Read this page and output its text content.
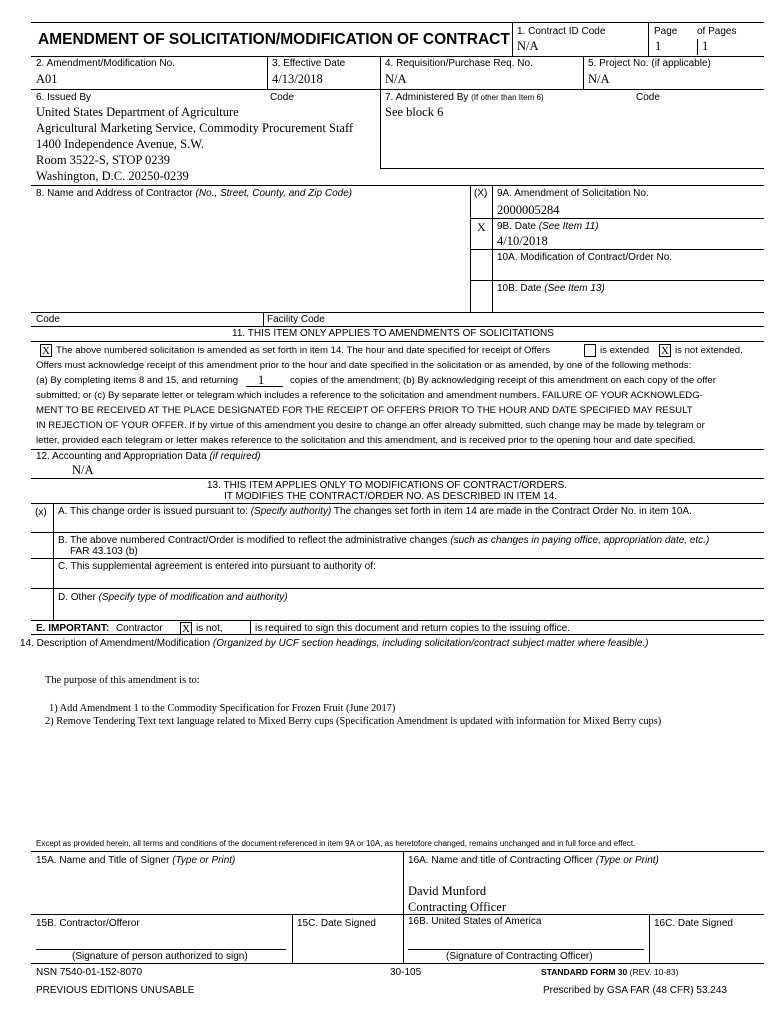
AMENDMENT OF SOLICITATION/MODIFICATION OF CONTRACT 1. Contract ID Code
N/A
Page
1
of Pages
1
2. Amendment/Modification No.
A01
3. Effective Date
4/13/2018
4. Requisition/Purchase Req. No.
N/A
5. Project No. (if applicable)
N/A
6. Issued By	Code
United States Department of Agriculture
Agricultural Marketing Service, Commodity Procurement Staff
1400 Independence Avenue, S.W.
Room 3522-S, STOP 0239
Washington, D.C. 20250-0239
7. Administered By (If other than Item 6)	Code
See block 6
8. Name and Address of Contractor (No., Street, County, and Zip Code)	(X) 9A. Amendment of Solicitation No.
2000005284
X 9B. Date (See Item 11)
4/10/2018
10A. Modification of Contract/Order No.
10B. Date (See Item 13)
Code	Facility Code
11. THIS ITEM ONLY APPLIES TO AMENDMENTS OF SOLICITATIONS
X The above numbered solicitation is amended as set forth in item 14. The hour and date specified for receipt of Offers	is extended X is not extended.
Offers must acknowledge receipt of this amendment prior to the hour and date specified in the solicitation or as amended, by one of the following methods:
(a) By completing items 8 and 15, and returning 1	copies of the amendment; (b) By acknowledging receipt of this amendment on each copy of the offer
submitted; or (c) By separate letter or telegram which includes a reference to the solicitation and amendment numbers. FAILURE OF YOUR ACKNOWLEDG-
MENT TO BE RECEIVED AT THE PLACE DESIGNATED FOR THE RECEIPT OF OFFERS PRIOR TO THE HOUR AND DATE SPECIFIED MAY RESULT
IN REJECTION OF YOUR OFFER. If by virtue of this amendment you desire to change an offer already submitted, such change may be made by telegram or
letter, provided each telegram or letter makes reference to the solicitation and this amendment, and is received prior to the opening hour and date specified.
12. Accounting and Appropriation Data (if required)
N/A
13. THIS ITEM APPLIES ONLY TO MODIFICATIONS OF CONTRACT/ORDERS.
IT MODIFIES THE CONTRACT/ORDER NO. AS DESCRIBED IN ITEM 14.
(x) A. This change order is issued pursuant to: (Specify authority) The changes set forth in item 14 are made in the Contract Order No. in item 10A.
B. The above numbered Contract/Order is modified to reflect the administrative changes (such as changes in paying office, appropriation date, etc.)
FAR 43.103 (b)
C. This supplemental agreement is entered into pursuant to authority of:
D. Other (Specify type of modification and authority)
E. IMPORTANT: Contractor X is not,	is required to sign this document and return copies to the issuing office.
14. Description of Amendment/Modification (Organized by UCF section headings, including solicitation/contract subject matter where feasible.)
The purpose of this amendment is to:
1) Add Amendment 1 to the Commodity Specification for Frozen Fruit (June 2017)
2) Remove Tendering Text text language related to Mixed Berry cups (Specification Amendment is updated with information for Mixed Berry cups)
Except as provided herein, all terms and conditions of the document referenced in item 9A or 10A, as heretofore changed, remains unchanged and in full force and effect.
15A. Name and Title of Signer (Type or Print)	16A. Name and title of Contracting Officer (Type or Print)
David Munford
Contracting Officer
15B. Contractor/Offeror	15C. Date Signed	16B. United States of America	16C. Date Signed
(Signature of person authorized to sign)	(Signature of Contracting Officer)
NSN 7540-01-152-8070	30-105	STANDARD FORM 30 (REV. 10-83)
PREVIOUS EDITIONS UNUSABLE	Prescribed by GSA FAR (48 CFR) 53.243
